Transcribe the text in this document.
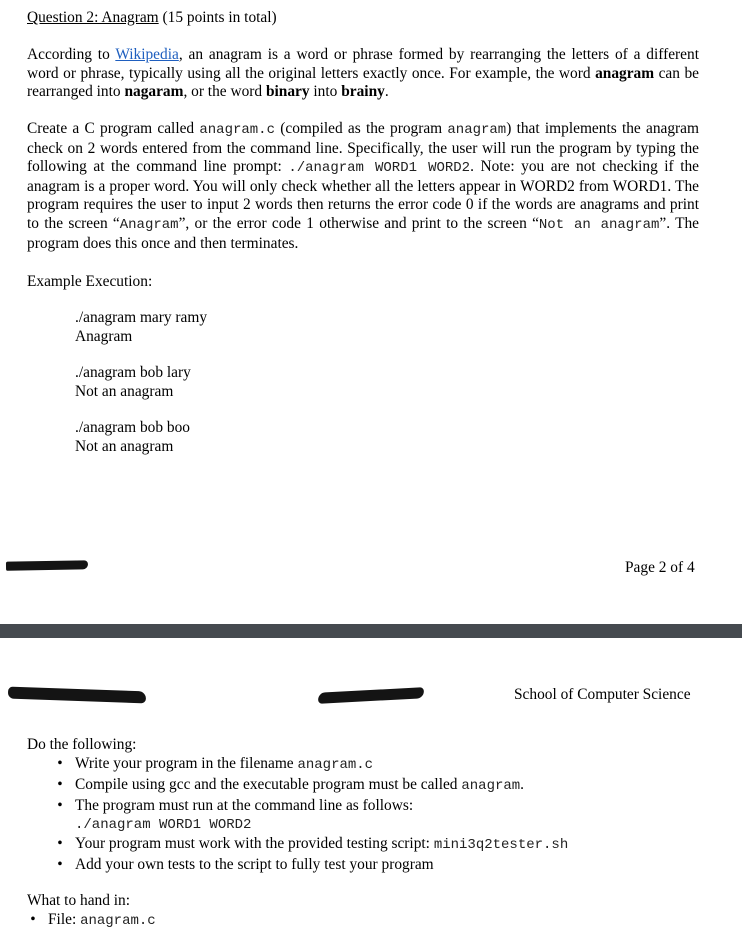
Question 2: Anagram (15 points in total)
According to Wikipedia, an anagram is a word or phrase formed by rearranging the letters of a different word or phrase, typically using all the original letters exactly once. For example, the word anagram can be rearranged into nagaram, or the word binary into brainy.
Create a C program called anagram.c (compiled as the program anagram) that implements the anagram check on 2 words entered from the command line. Specifically, the user will run the program by typing the following at the command line prompt: ./anagram WORD1 WORD2. Note: you are not checking if the anagram is a proper word. You will only check whether all the letters appear in WORD2 from WORD1. The program requires the user to input 2 words then returns the error code 0 if the words are anagrams and print to the screen “Anagram”, or the error code 1 otherwise and print to the screen “Not an anagram”. The program does this once and then terminates.
Example Execution:
./anagram mary ramy
Anagram
./anagram bob lary
Not an anagram
./anagram bob boo
Not an anagram
Page 2 of 4
School of Computer Science
Do the following:
• Write your program in the filename anagram.c
• Compile using gcc and the executable program must be called anagram.
• The program must run at the command line as follows:
./anagram WORD1 WORD2
• Your program must work with the provided testing script: mini3q2tester.sh
• Add your own tests to the script to fully test your program
What to hand in:
• File: anagram.c
